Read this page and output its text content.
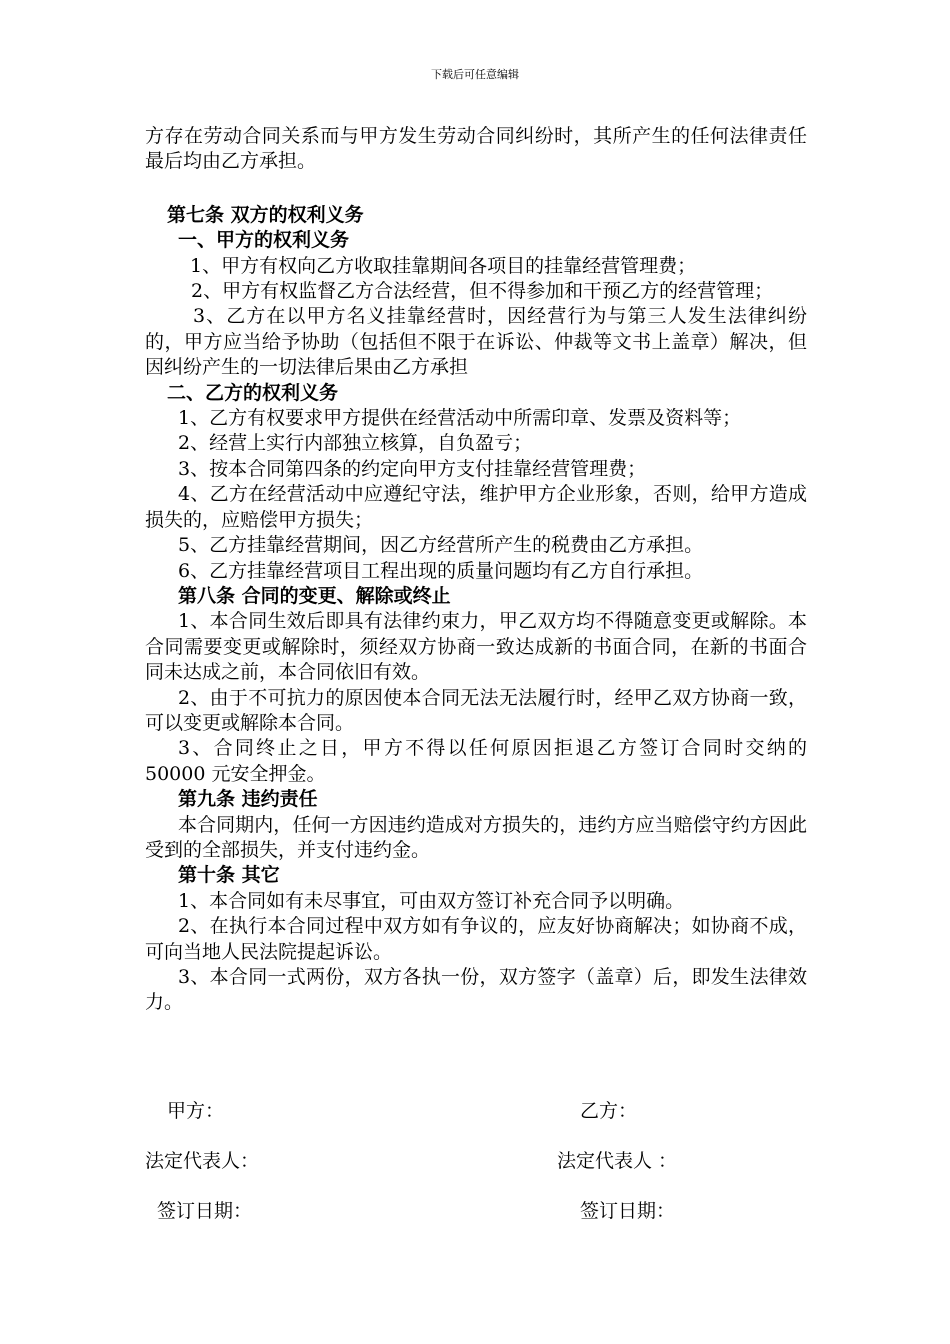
下载后可任意编辑

方存在劳动合同关系而与甲方发生劳动合同纠纷时，其所产生的任何法律责任最后均由乙方承担。

第七条 双方的权利义务

一、甲方的权利义务

1、甲方有权向乙方收取挂靠期间各项目的挂靠经营管理费；

2、甲方有权监督乙方合法经营，但不得参加和干预乙方的经营管理；

3、乙方在以甲方名义挂靠经营时，因经营行为与第三人发生法律纠纷的，甲方应当给予协助（包括但不限于在诉讼、仲裁等文书上盖章）解决，但因纠纷产生的一切法律后果由乙方承担

二、乙方的权利义务

1、乙方有权要求甲方提供在经营活动中所需印章、发票及资料等；

2、经营上实行内部独立核算，自负盈亏；

3、按本合同第四条的约定向甲方支付挂靠经营管理费；

4、乙方在经营活动中应遵纪守法，维护甲方企业形象，否则，给甲方造成损失的，应赔偿甲方损失；

5、乙方挂靠经营期间，因乙方经营所产生的税费由乙方承担。

6、乙方挂靠经营项目工程出现的质量问题均有乙方自行承担。

第八条 合同的变更、解除或终止

1、本合同生效后即具有法律约束力，甲乙双方均不得随意变更或解除。本合同需要变更或解除时，须经双方协商一致达成新的书面合同，在新的书面合同未达成之前，本合同依旧有效。

2、由于不可抗力的原因使本合同无法无法履行时，经甲乙双方协商一致，可以变更或解除本合同。

3、合同终止之日，甲方不得以任何原因拒退乙方签订合同时交纳的 50000 元安全押金。

第九条 违约责任

本合同期内，任何一方因违约造成对方损失的，违约方应当赔偿守约方因此受到的全部损失，并支付违约金。

第十条 其它

1、本合同如有未尽事宜，可由双方签订补充合同予以明确。

2、在执行本合同过程中双方如有争议的，应友好协商解决；如协商不成，可向当地人民法院提起诉讼。

3、本合同一式两份，双方各执一份，双方签字（盖章）后，即发生法律效力。

甲方：	乙方：
法定代表人：	法定代表人 ：
签订日期：	签订日期：
